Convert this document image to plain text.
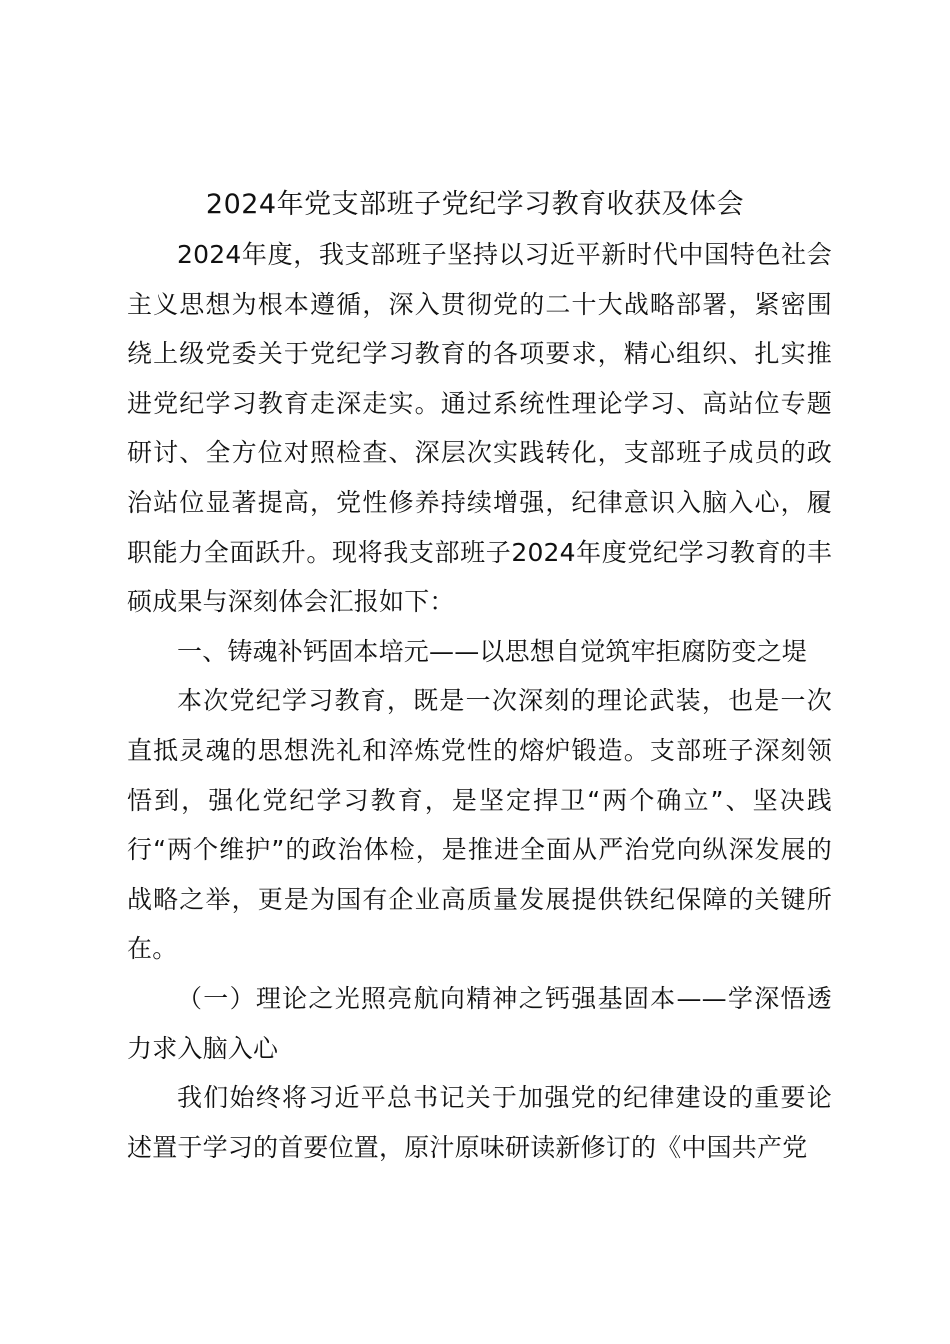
2024年党支部班子党纪学习教育收获及体会

2024年度，我支部班子坚持以习近平新时代中国特色社会主义思想为根本遵循，深入贯彻党的二十大战略部署，紧密围绕上级党委关于党纪学习教育的各项要求，精心组织、扎实推进党纪学习教育走深走实。通过系统性理论学习、高站位专题研讨、全方位对照检查、深层次实践转化，支部班子成员的政治站位显著提高，党性修养持续增强，纪律意识入脑入心，履职能力全面跃升。现将我支部班子2024年度党纪学习教育的丰硕成果与深刻体会汇报如下：

一、铸魂补钙固本培元——以思想自觉筑牢拒腐防变之堤

本次党纪学习教育，既是一次深刻的理论武装，也是一次直抵灵魂的思想洗礼和淬炼党性的熔炉锻造。支部班子深刻领悟到，强化党纪学习教育，是坚定捍卫“两个确立”、坚决践行“两个维护”的政治体检，是推进全面从严治党向纵深发展的战略之举，更是为国有企业高质量发展提供铁纪保障的关键所在。

（一）理论之光照亮航向精神之钙强基固本——学深悟透力求入脑入心

我们始终将习近平总书记关于加强党的纪律建设的重要论述置于学习的首要位置，原汁原味研读新修订的《中国共产党
